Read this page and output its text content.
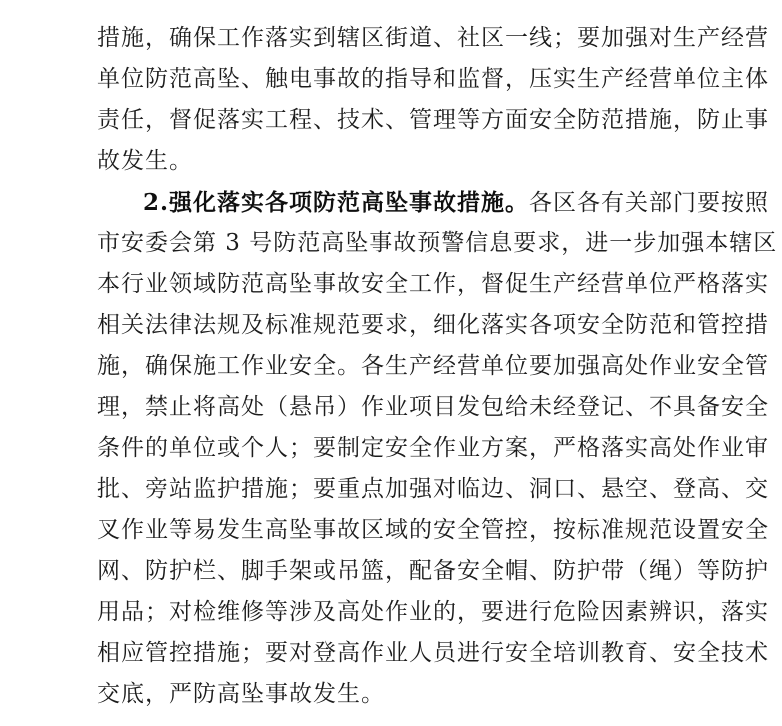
措施，确保工作落实到辖区街道、社区一线；要加强对生产经营
单位防范高坠、触电事故的指导和监督，压实生产经营单位主体
责任，督促落实工程、技术、管理等方面安全防范措施，防止事
故发生。
2.强化落实各项防范高坠事故措施。各区各有关部门要按照
市安委会第 3 号防范高坠事故预警信息要求，进一步加强本辖区
本行业领域防范高坠事故安全工作，督促生产经营单位严格落实
相关法律法规及标准规范要求，细化落实各项安全防范和管控措
施，确保施工作业安全。各生产经营单位要加强高处作业安全管
理，禁止将高处（悬吊）作业项目发包给未经登记、不具备安全
条件的单位或个人；要制定安全作业方案，严格落实高处作业审
批、旁站监护措施；要重点加强对临边、洞口、悬空、登高、交
叉作业等易发生高坠事故区域的安全管控，按标准规范设置安全
网、防护栏、脚手架或吊篮，配备安全帽、防护带（绳）等防护
用品；对检维修等涉及高处作业的，要进行危险因素辨识，落实
相应管控措施；要对登高作业人员进行安全培训教育、安全技术
交底，严防高坠事故发生。
